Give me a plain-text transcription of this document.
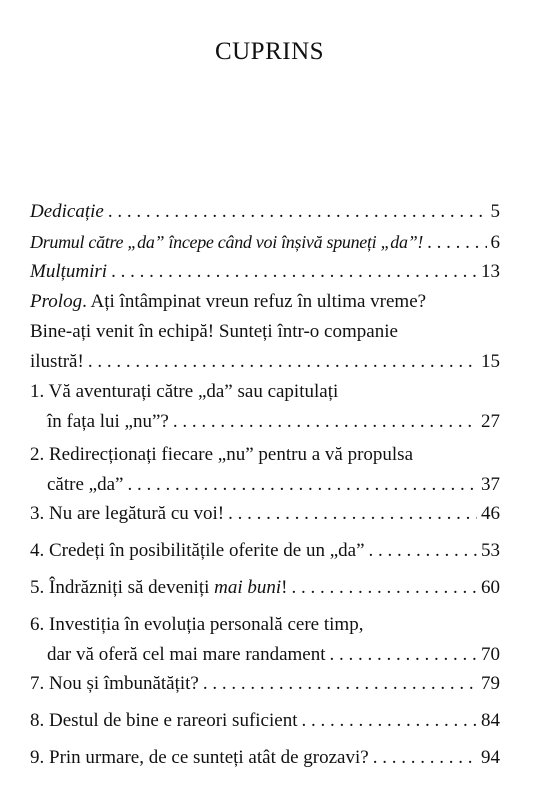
CUPRINS
Dedicație . . .	5
Drumul către „da” începe când voi înșivă spuneți „da”! . . .	6
Mulțumiri . . .	13
Prolog. Ați întâmpinat vreun refuz în ultima vreme?
Bine-ați venit în echipă! Sunteți într-o companie
ilustră! . . .	15
1. Vă aventurați către „da” sau capitulați
în fața lui „nu”? . . .	27
2. Redirecționați fiecare „nu” pentru a vă propulsa
către „da” . . .	37
3. Nu are legătură cu voi! . . .	46
4. Credeți în posibilitățile oferite de un „da” . . .	53
5. Îndrăzniți să deveniți mai buni! . . .	60
6. Investiția în evoluția personală cere timp,
dar vă oferă cel mai mare randament . . .	70
7. Nou și îmbunătățit? . . .	79
8. Destul de bine e rareori suficient . . .	84
9. Prin urmare, de ce sunteți atât de grozavi? . . .	94
